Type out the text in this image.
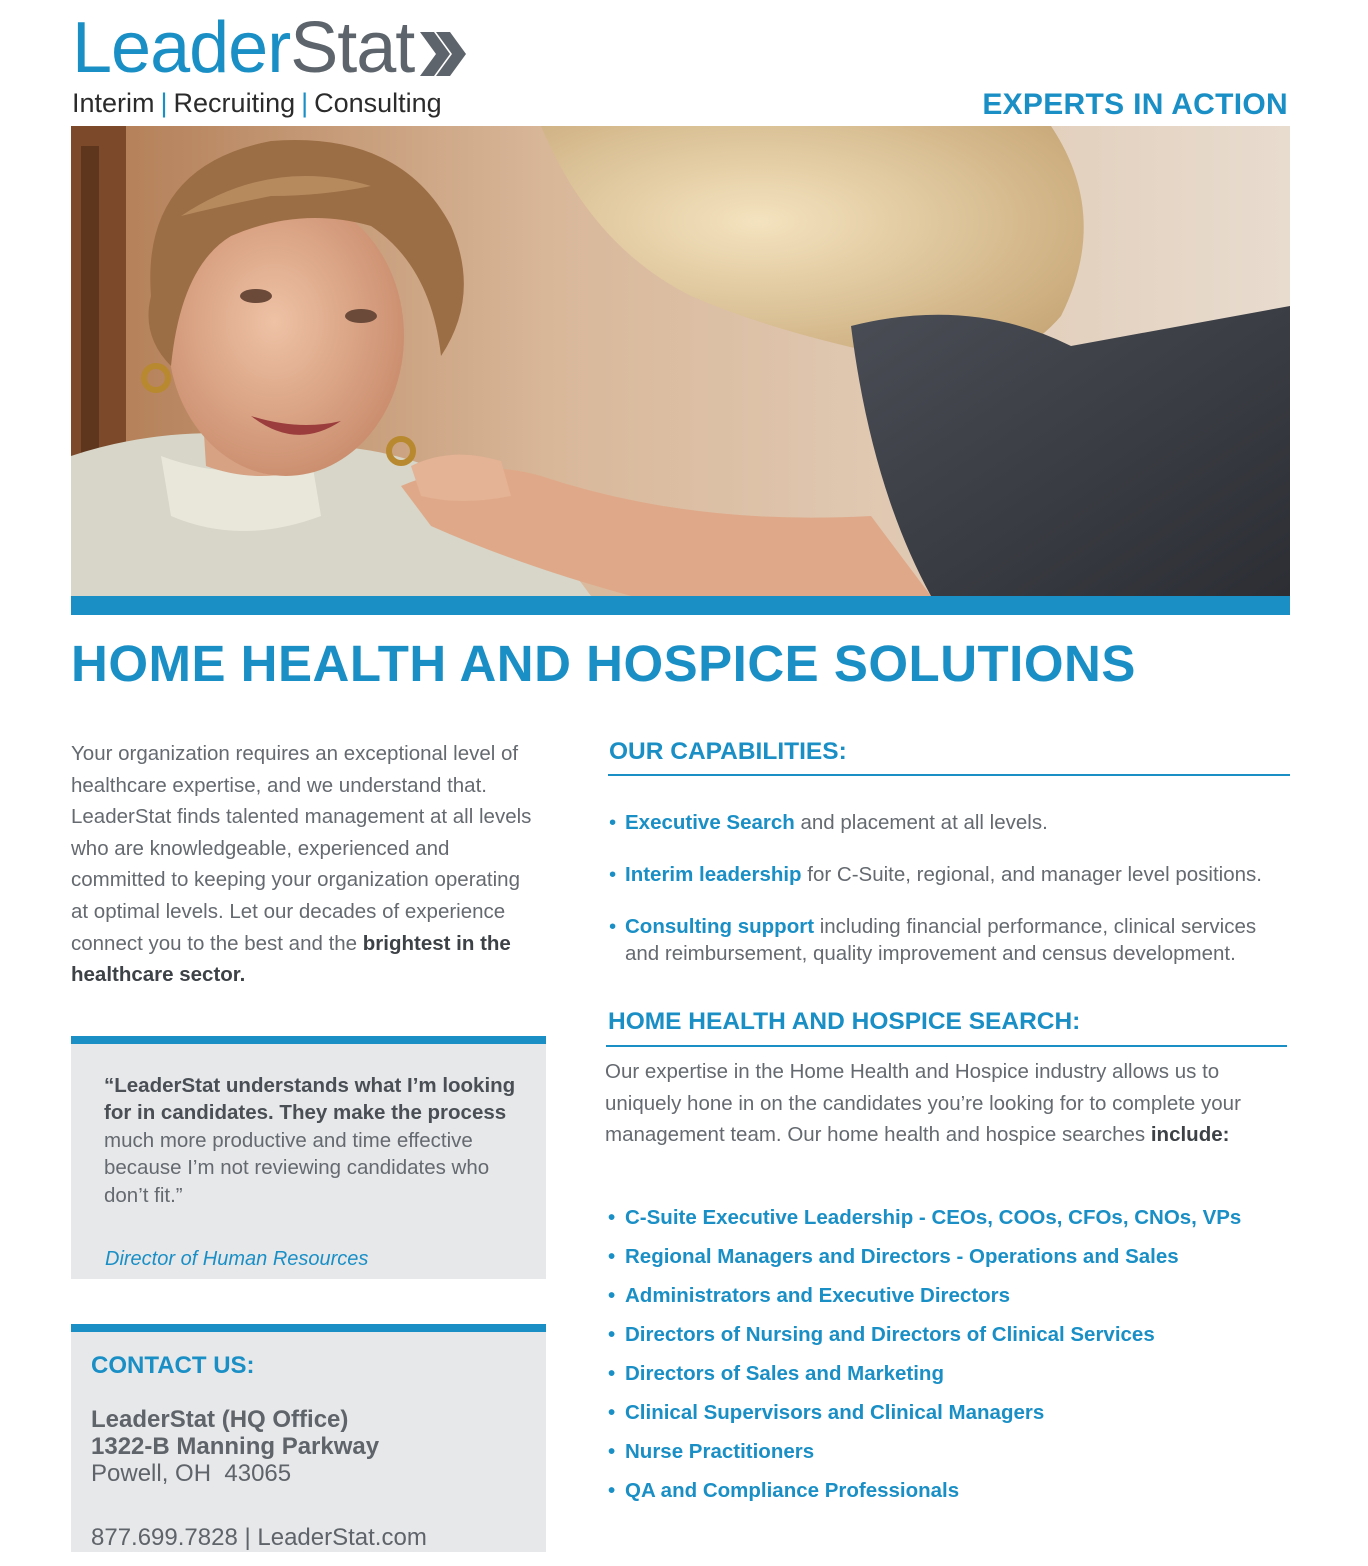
LeaderStat
Interim | Recruiting | Consulting	EXPERTS IN ACTION
HOME HEALTH AND HOSPICE SOLUTIONS
Your organization requires an exceptional level of healthcare expertise, and we understand that. LeaderStat finds talented management at all levels who are knowledgeable, experienced and committed to keeping your organization operating at optimal levels. Let our decades of experience connect you to the best and the brightest in the healthcare sector.
“LeaderStat understands what I’m looking for in candidates. They make the process much more productive and time effective because I’m not reviewing candidates who don’t fit.”
Director of Human Resources
CONTACT US:
LeaderStat (HQ Office)
1322-B Manning Parkway
Powell, OH  43065
877.699.7828 | LeaderStat.com
OUR CAPABILITIES:
• Executive Search and placement at all levels.
• Interim leadership for C-Suite, regional, and manager level positions.
• Consulting support including financial performance, clinical services and reimbursement, quality improvement and census development.
HOME HEALTH AND HOSPICE SEARCH:
Our expertise in the Home Health and Hospice industry allows us to uniquely hone in on the candidates you’re looking for to complete your management team. Our home health and hospice searches include:
• C-Suite Executive Leadership - CEOs, COOs, CFOs, CNOs, VPs
• Regional Managers and Directors - Operations and Sales
• Administrators and Executive Directors
• Directors of Nursing and Directors of Clinical Services
• Directors of Sales and Marketing
• Clinical Supervisors and Clinical Managers
• Nurse Practitioners
• QA and Compliance Professionals
